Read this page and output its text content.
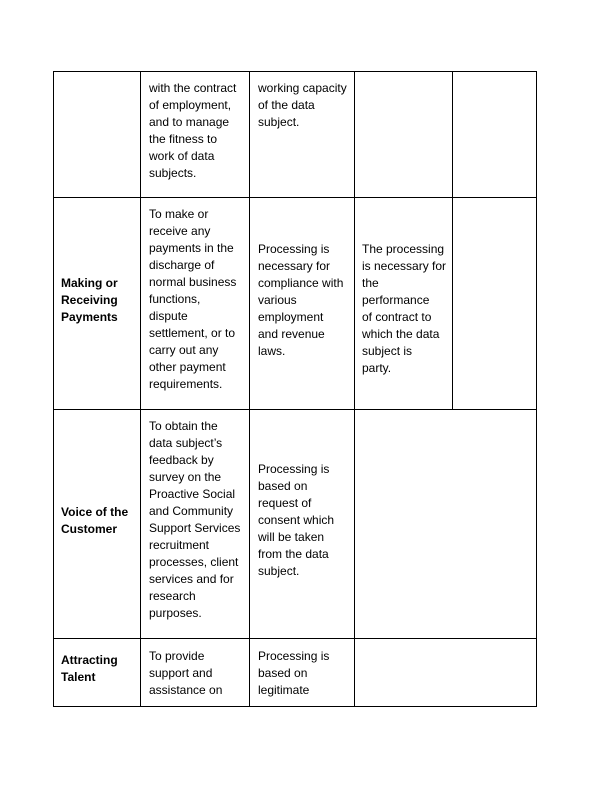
with the contract
of employment,
and to manage
the fitness to
work of data
subjects.
working capacity
of the data
subject.
Making or
Receiving
Payments
To make or
receive any
payments in the
discharge of
normal business
functions,
dispute
settlement, or to
carry out any
other payment
requirements.
Processing is
necessary for
compliance with
various
employment
and revenue
laws.
The processing
is necessary for
the
performance
of contract to
which the data
subject is
party.
Voice of the
Customer
To obtain the
data subject’s
feedback by
survey on the
Proactive Social
and Community
Support Services
recruitment
processes, client
services and for
research
purposes.
Processing is
based on
request of
consent which
will be taken
from the data
subject.
Attracting
Talent
To provide
support and
assistance on
Processing is
based on
legitimate
